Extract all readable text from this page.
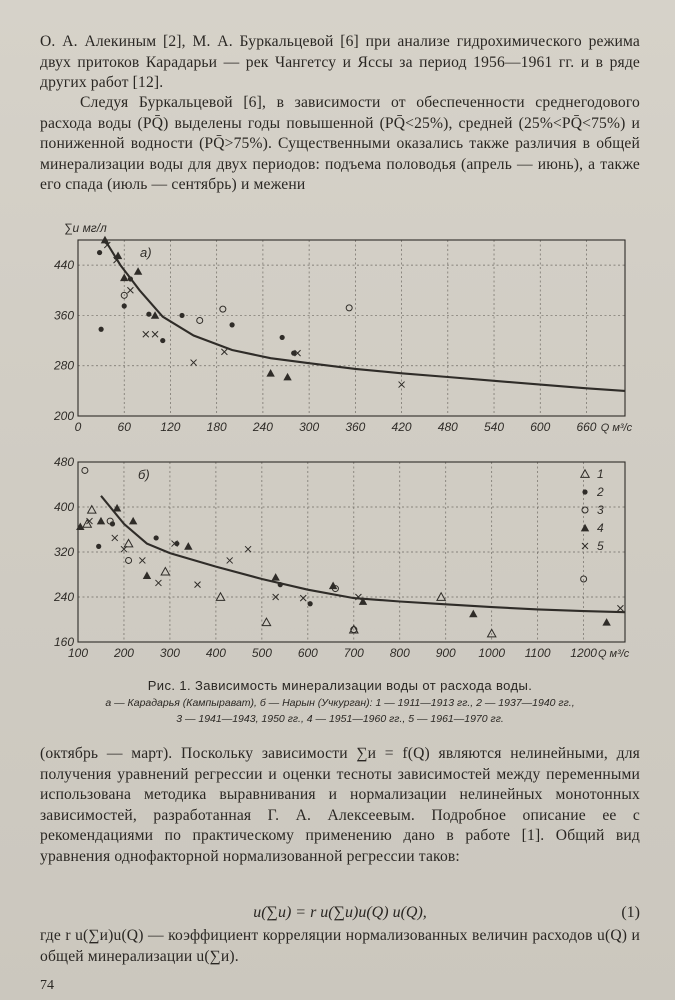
О. А. Алекиным [2], М. А. Буркальцевой [6] при анализе гидрохимического режима двух притоков Карадарьи — рек Чангетсу и Яссы за период 1956—1961 гг. и в ряде других работ [12].

Следуя Буркальцевой [6], в зависимости от обеспеченности среднегодового расхода воды (PQ̄) выделены годы повышенной (PQ̄<25%), средней (25%<PQ̄<75%) и пониженной водности (PQ̄>75%). Существенными оказались также различия в общей минерализации воды для двух периодов: подъема половодья (апрель — июнь), а также его спада (июль — сентябрь) и межени

0	60 120 180 240 300 360 420 480 540 600 660
200
280
360
440
Q м³/с
∑и мг/л
а)
100 200 300 400 500 600 700 800 900 1000 1100 1200
160
240
320
400
480
Q м³/с
б)	1
2
3
4
5
Рис. 1. Зависимость минерализации воды от расхода воды.
а — Карадарья (Кампырават), б — Нарын (Учкурган): 1 — 1911—1913 гг., 2 — 1937—1940 гг.,
3 — 1941—1943, 1950 гг., 4 — 1951—1960 гг., 5 — 1961—1970 гг.

(октябрь — март). Поскольку зависимости ∑и = f(Q) являются нелинейными, для получения уравнений регрессии и оценки тесноты зависимостей между переменными использована методика выравнивания и нормализации нелинейных монотонных зависимостей, разработанная Г. А. Алексеевым. Подробное описание ее с рекомендациями по практическому применению дано в работе [1]. Общий вид уравнения однофакторной нормализованной регрессии таков:

u(∑и) = r u(∑и)u(Q) u(Q),	(1)

где r u(∑и)u(Q) — коэффициент корреляции нормализованных величин расходов u(Q) и общей минерализации u(∑и).

74
